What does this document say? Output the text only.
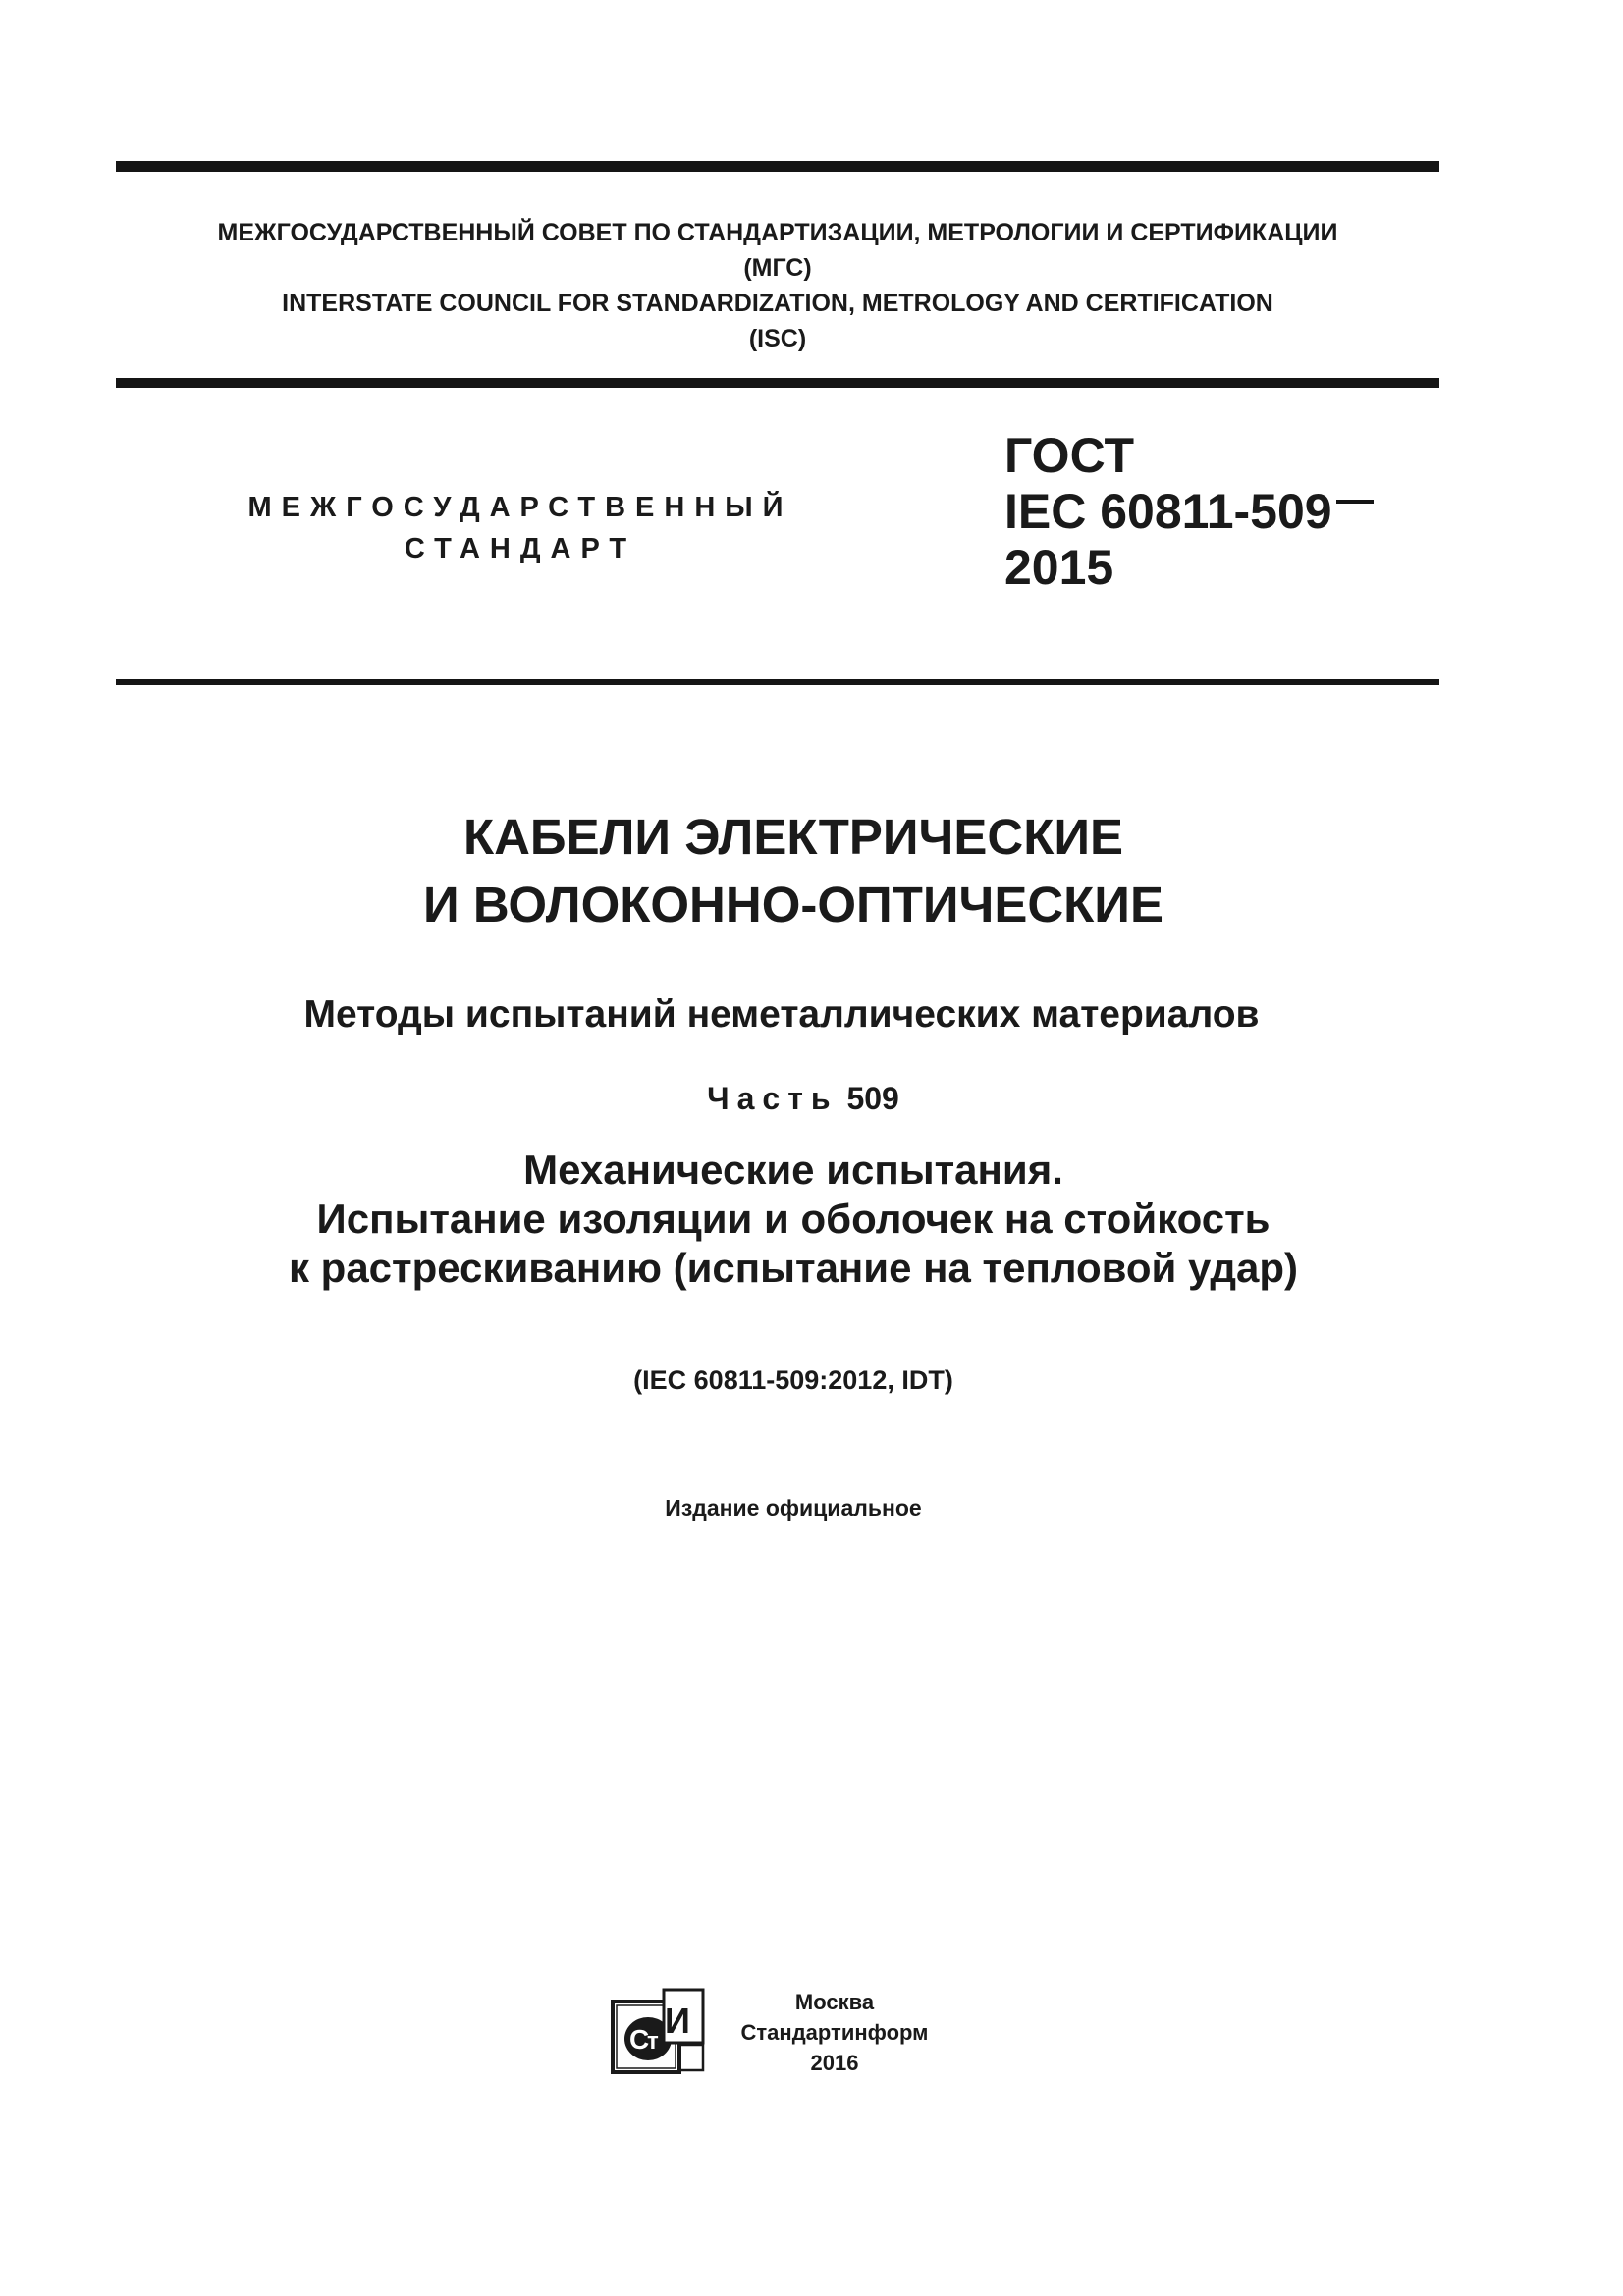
МЕЖГОСУДАРСТВЕННЫЙ СОВЕТ ПО СТАНДАРТИЗАЦИИ, МЕТРОЛОГИИ И СЕРТИФИКАЦИИ
(МГС)
INTERSTATE COUNCIL FOR STANDARDIZATION, METROLOGY AND CERTIFICATION
(ISC)
МЕЖГОСУДАРСТВЕННЫЙ
СТАНДАРТ
ГОСТ
IEC 60811-509
2015
КАБЕЛИ ЭЛЕКТРИЧЕСКИЕ
И ВОЛОКОННО-ОПТИЧЕСКИЕ
Методы испытаний неметаллических материалов
Часть 509
Механические испытания.
Испытание изоляции и оболочек на стойкость
к растрескиванию (испытание на тепловой удар)
(IEC 60811-509:2012, IDT)
Издание официальное
С
т
И	Москва
Стандартинформ
2016
